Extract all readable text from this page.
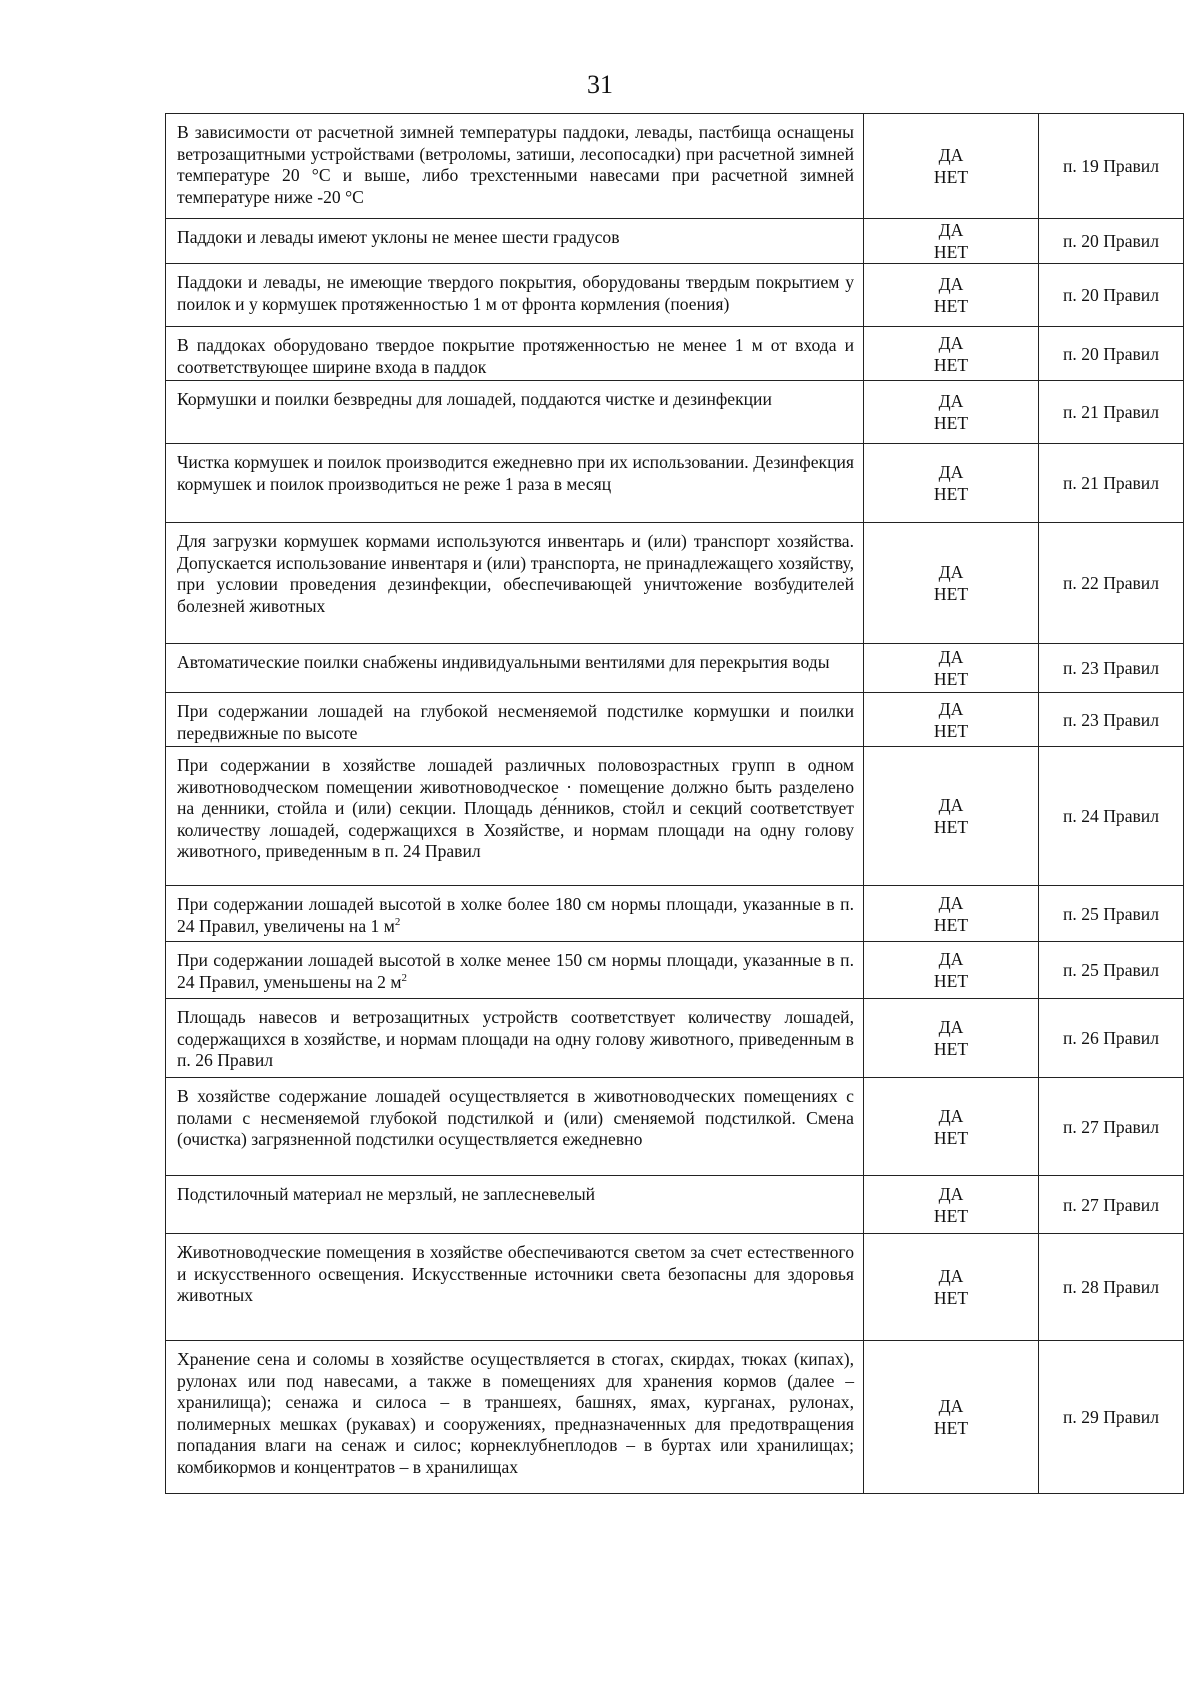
31
В зависимости от расчетной зимней температуры паддоки, левады, пастбища оснащены ветрозащитными устройствами (ветроломы, затиши, лесопосадки) при расчетной зимней температуре 20 °С и выше, либо трехстенными навесами при расчетной зимней температуре ниже -20 °С	ДА
НЕТ	п. 19 Правил
Паддоки и левады имеют уклоны не менее шести градусов	ДА
НЕТ	п. 20 Правил
Паддоки и левады, не имеющие твердого покрытия, оборудованы твердым покрытием у поилок и у кормушек протяженностью 1 м от фронта кормления (поения)	ДА
НЕТ	п. 20 Правил
В паддоках оборудовано твердое покрытие протяженностью не менее 1 м от входа и соответствующее ширине входа в паддок	ДА
НЕТ	п. 20 Правил
Кормушки и поилки безвредны для лошадей, поддаются чистке и дезинфекции	ДА
НЕТ	п. 21 Правил
Чистка кормушек и поилок производится ежедневно при их использовании. Дезинфекция кормушек и поилок производиться не реже 1 раза в месяц	ДА
НЕТ	п. 21 Правил
Для загрузки кормушек кормами используются инвентарь и (или) транспорт хозяйства. Допускается использование инвентаря и (или) транспорта, не принадлежащего хозяйству, при условии проведения дезинфекции, обеспечивающей уничтожение возбудителей болезней животных	ДА
НЕТ	п. 22 Правил
Автоматические поилки снабжены индивидуальными вентилями для перекрытия воды	ДА
НЕТ	п. 23 Правил
При содержании лошадей на глубокой несменяемой подстилке кормушки и поилки передвижные по высоте	ДА
НЕТ	п. 23 Правил
При содержании в хозяйстве лошадей различных половозрастных групп в одном животноводческом помещении животноводческое · помещение должно быть разделено на денники, стойла и (или) секции. Площадь де́нников, стойл и секций соответствует количеству лошадей, содержащихся в Хозяйстве, и нормам площади на одну голову животного, приведенным в п. 24 Правил	ДА
НЕТ	п. 24 Правил
При содержании лошадей высотой в холке более 180 см нормы площади, указанные в п. 24 Правил, увеличены на 1 $м^2$	ДА
НЕТ	п. 25 Правил
При содержании лошадей высотой в холке менее 150 см нормы площади, указанные в п. 24 Правил, уменьшены на 2 $м^2$	ДА
НЕТ	п. 25 Правил
Площадь навесов и ветрозащитных устройств соответствует количеству лошадей, содержащихся в хозяйстве, и нормам площади на одну голову животного, приведенным в п. 26 Правил	ДА
НЕТ	п. 26 Правил
В хозяйстве содержание лошадей осуществляется в животноводческих помещениях с полами с несменяемой глубокой подстилкой и (или) сменяемой подстилкой. Смена (очистка) загрязненной подстилки осуществляется ежедневно	ДА
НЕТ	п. 27 Правил
Подстилочный материал не мерзлый, не заплесневелый	ДА
НЕТ	п. 27 Правил
Животноводческие помещения в хозяйстве обеспечиваются светом за счет естественного и искусственного освещения. Искусственные источники света безопасны для здоровья животных	ДА
НЕТ	п. 28 Правил
Хранение сена и соломы в хозяйстве осуществляется в стогах, скирдах, тюках (кипах), рулонах или под навесами, а также в помещениях для хранения кормов (далее – хранилища); сенажа и силоса – в траншеях, башнях, ямах, курганах, рулонах, полимерных мешках (рукавах) и сооружениях, предназначенных для предотвращения попадания влаги на сенаж и силос; корнеклубнеплодов – в буртах или хранилищах; комбикормов и концентратов – в хранилищах	ДА
НЕТ	п. 29 Правил
